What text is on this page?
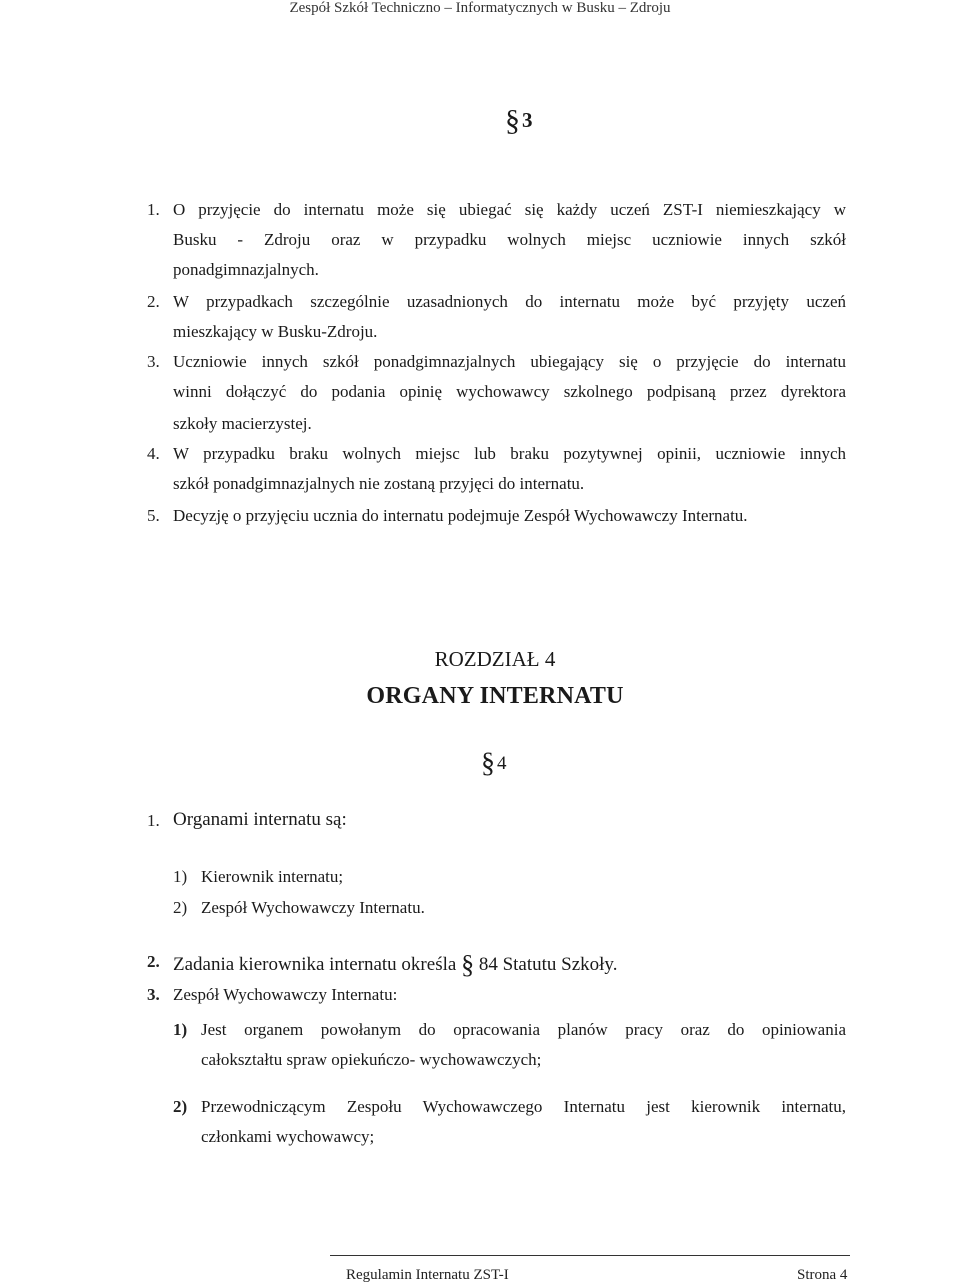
Zespół Szkół Techniczno – Informatycznych w Busku – Zdroju
§3
1. O przyjęcie do internatu może się ubiegać się każdy uczeń ZST-I niemieszkający w
Busku - Zdroju oraz w przypadku wolnych miejsc uczniowie innych szkół
ponadgimnazjalnych.
2. W przypadkach szczególnie uzasadnionych do internatu może być przyjęty uczeń
mieszkający w Busku-Zdroju.
3. Uczniowie innych szkół ponadgimnazjalnych ubiegający się o przyjęcie do internatu
winni dołączyć do podania opinię wychowawcy szkolnego podpisaną przez dyrektora
szkoły macierzystej.
4. W przypadku braku wolnych miejsc lub braku pozytywnej opinii, uczniowie innych
szkół ponadgimnazjalnych nie zostaną przyjęci do internatu.
5. Decyzję o przyjęciu ucznia do internatu podejmuje Zespół Wychowawczy Internatu.
ROZDZIAŁ 4
ORGANY INTERNATU
§ 4
1. Organami internatu są:
1) Kierownik internatu;
2) Zespół Wychowawczy Internatu.
2. Zadania kierownika internatu określa § 84 Statutu Szkoły.
3. Zespół Wychowawczy Internatu:
1) Jest organem powołanym do opracowania planów pracy oraz do opiniowania
całokształtu spraw opiekuńczo- wychowawczych;
2) Przewodniczącym Zespołu Wychowawczego Internatu jest kierownik internatu,
członkami wychowawcy;
Regulamin Internatu ZST-I	Strona 4
